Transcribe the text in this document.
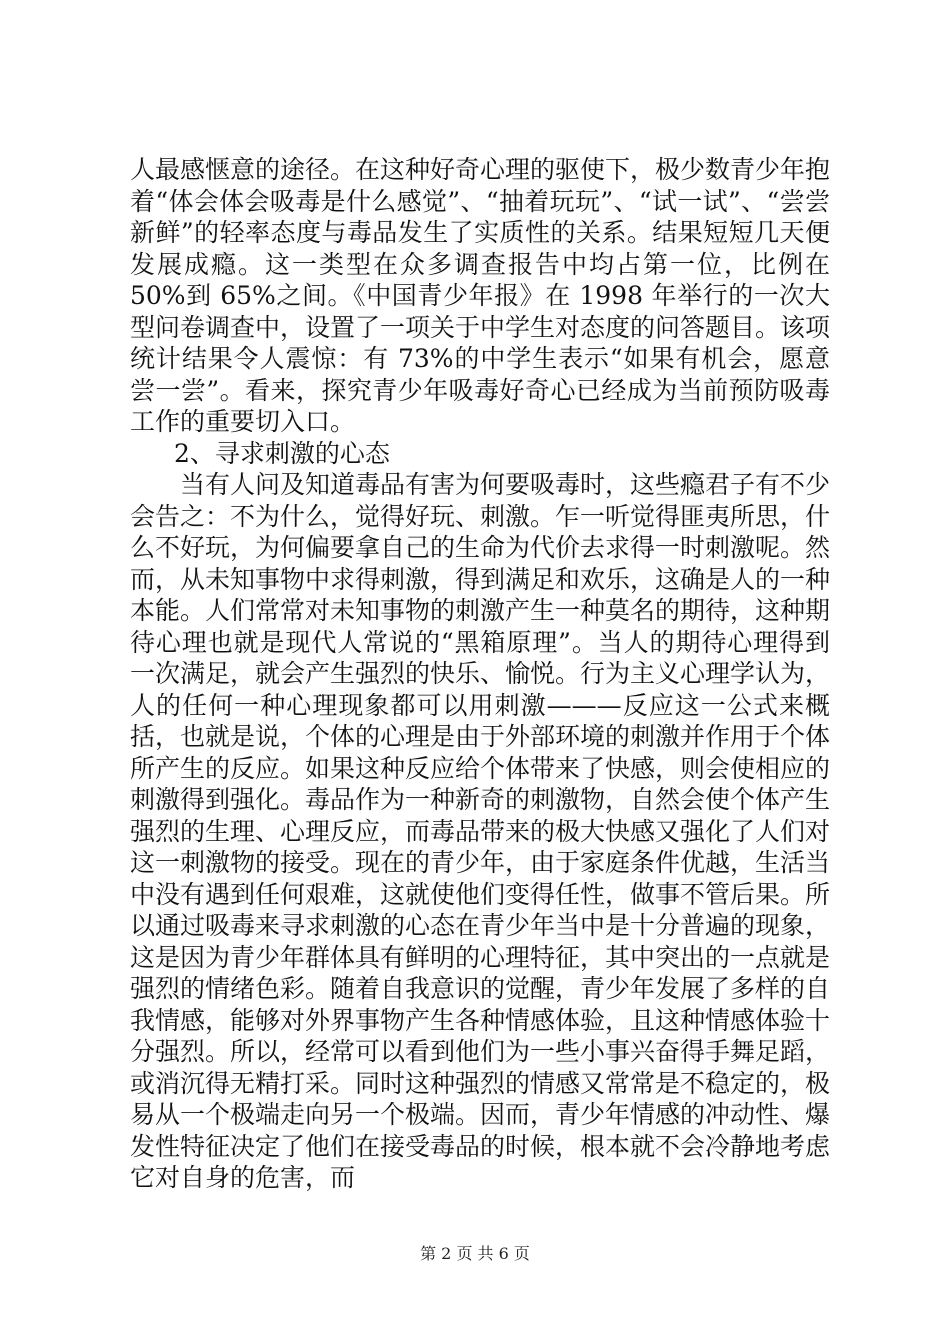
人最感惬意的途径。在这种好奇心理的驱使下，极少数青少年抱着“体会体会吸毒是什么感觉”、“抽着玩玩”、“试一试”、“尝尝新鲜”的轻率态度与毒品发生了实质性的关系。结果短短几天便发展成瘾。这一类型在众多调查报告中均占第一位，比例在 50%到 65%之间。《中国青少年报》在 1998 年举行的一次大型问卷调查中，设置了一项关于中学生对态度的问答题目。该项统计结果令人震惊：有 73%的中学生表示“如果有机会，愿意尝一尝”。看来，探究青少年吸毒好奇心已经成为当前预防吸毒工作的重要切入口。

2、寻求刺激的心态

当有人问及知道毒品有害为何要吸毒时，这些瘾君子有不少会告之：不为什么，觉得好玩、刺激。乍一听觉得匪夷所思，什么不好玩，为何偏要拿自己的生命为代价去求得一时刺激呢。然而，从未知事物中求得刺激，得到满足和欢乐，这确是人的一种本能。人们常常对未知事物的刺激产生一种莫名的期待，这种期待心理也就是现代人常说的“黑箱原理”。当人的期待心理得到一次满足，就会产生强烈的快乐、愉悦。行为主义心理学认为，人的任何一种心理现象都可以用刺激———反应这一公式来概括，也就是说，个体的心理是由于外部环境的刺激并作用于个体所产生的反应。如果这种反应给个体带来了快感，则会使相应的刺激得到强化。毒品作为一种新奇的刺激物，自然会使个体产生强烈的生理、心理反应，而毒品带来的极大快感又强化了人们对这一刺激物的接受。现在的青少年，由于家庭条件优越，生活当中没有遇到任何艰难，这就使他们变得任性，做事不管后果。所以通过吸毒来寻求刺激的心态在青少年当中是十分普遍的现象，这是因为青少年群体具有鲜明的心理特征，其中突出的一点就是强烈的情绪色彩。随着自我意识的觉醒，青少年发展了多样的自我情感，能够对外界事物产生各种情感体验，且这种情感体验十分强烈。所以，经常可以看到他们为一些小事兴奋得手舞足蹈，或消沉得无精打采。同时这种强烈的情感又常常是不稳定的，极易从一个极端走向另一个极端。因而，青少年情感的冲动性、爆发性特征决定了他们在接受毒品的时候，根本就不会冷静地考虑它对自身的危害，而

第 2 页 共 6 页
